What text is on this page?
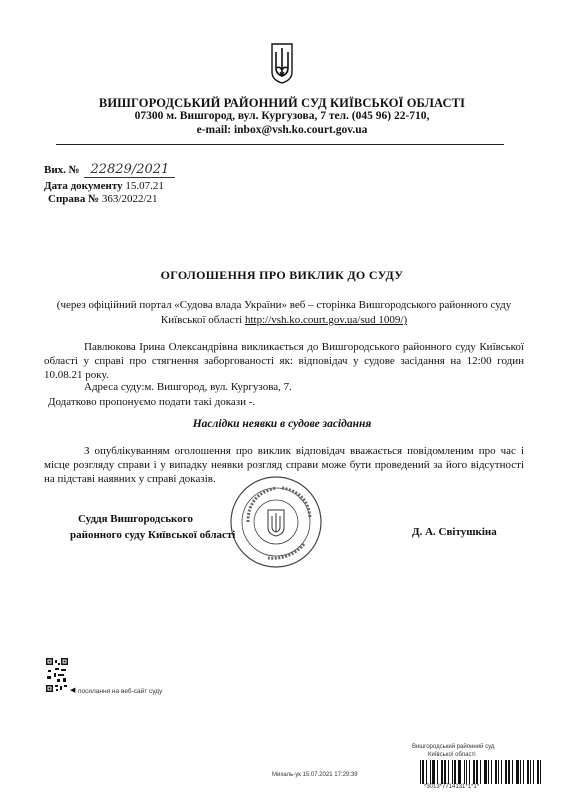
ВИШГОРОДСЬКИЙ РАЙОННИЙ СУД КИЇВСЬКОЇ ОБЛАСТІ
07300 м. Вишгород, вул. Кургузова, 7 тел. (045 96) 22-710,
e-mail: inbox@vsh.ko.court.gov.ua
Вих. № 22829/2021
Дата документу 15.07.21
Справа № 363/2022/21
ОГОЛОШЕННЯ ПРО ВИКЛИК ДО СУДУ
(через офіційний портал «Судова влада України» веб – сторінка Вишгородського районного суду Київської області http://vsh.ko.court.gov.ua/sud 1009/)
Павлюкова Ірина Олександрівна викликається до Вишгородського районного суду Київської області у справі про стягнення заборгованості як: відповідач у судове засідання на 12:00 годин 10.08.21 року.
Адреса суду:м. Вишгород, вул. Кургузова, 7.
Додатково пропонуємо подати такі докази -.
Наслідки неявки в судове засідання
З опублікуванням оголошення про виклик відповідач вважається повідомленим про час і місце розгляду справи і у випадку неявки розгляд справи може бути проведений за його відсутності на підставі наявних у справі доказів.
Суддя Вишгородського
районного суду Київської області	Д. А. Світушкіна
◀ посилання на веб-сайт суду
Вишгородський районний суд
Київської області
Михаль-ук 15.07.2021 17:29:39
*3013*7714131*1*1*
